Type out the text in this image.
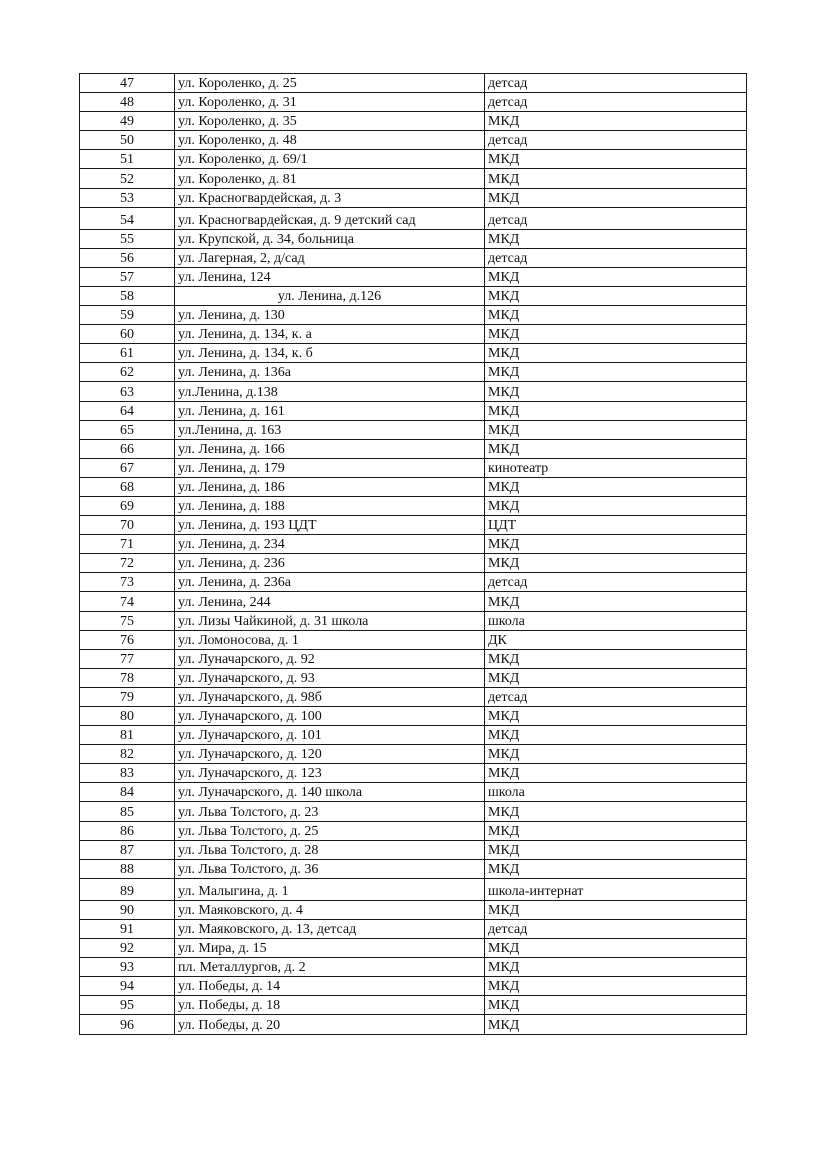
47	ул. Короленко, д. 25	детсад
48	ул. Короленко, д. 31	детсад
49	ул. Короленко, д. 35	МКД
50	ул. Короленко, д. 48	детсад
51	ул. Короленко, д. 69/1	МКД
52	ул. Короленко, д. 81	МКД
53	ул. Красногвардейская, д. 3	МКД
54	ул. Красногвардейская, д. 9 детский сад	детсад
55	ул. Крупской, д. 34, больница	МКД
56	ул. Лагерная, 2, д/сад	детсад
57	ул. Ленина, 124	МКД
58	ул. Ленина, д.126	МКД
59	ул. Ленина, д. 130	МКД
60	ул. Ленина, д. 134, к. а	МКД
61	ул. Ленина, д. 134, к. б	МКД
62	ул. Ленина, д. 136а	МКД
63	ул.Ленина, д.138	МКД
64	ул. Ленина, д. 161	МКД
65	ул.Ленина, д. 163	МКД
66	ул. Ленина, д. 166	МКД
67	ул. Ленина, д. 179	кинотеатр
68	ул. Ленина, д. 186	МКД
69	ул. Ленина, д. 188	МКД
70	ул. Ленина, д. 193 ЦДТ	ЦДТ
71	ул. Ленина, д. 234	МКД
72	ул. Ленина, д. 236	МКД
73	ул. Ленина, д. 236а	детсад
74	ул. Ленина, 244	МКД
75	ул. Лизы Чайкиной, д. 31 школа	школа
76	ул. Ломоносова, д. 1	ДК
77	ул. Луначарского, д. 92	МКД
78	ул. Луначарского, д. 93	МКД
79	ул. Луначарского, д. 98б	детсад
80	ул. Луначарского, д. 100	МКД
81	ул. Луначарского, д. 101	МКД
82	ул. Луначарского, д. 120	МКД
83	ул. Луначарского, д. 123	МКД
84	ул. Луначарского, д. 140 школа	школа
85	ул. Льва Толстого, д. 23	МКД
86	ул. Льва Толстого, д. 25	МКД
87	ул. Льва Толстого, д. 28	МКД
88	ул. Льва Толстого, д. 36	МКД
89	ул. Малыгина, д. 1	школа-интернат
90	ул. Маяковского, д. 4	МКД
91	ул. Маяковского, д. 13, детсад	детсад
92	ул. Мира, д. 15	МКД
93	пл. Металлургов, д. 2	МКД
94	ул. Победы, д. 14	МКД
95	ул. Победы, д. 18	МКД
96	ул. Победы, д. 20	МКД
